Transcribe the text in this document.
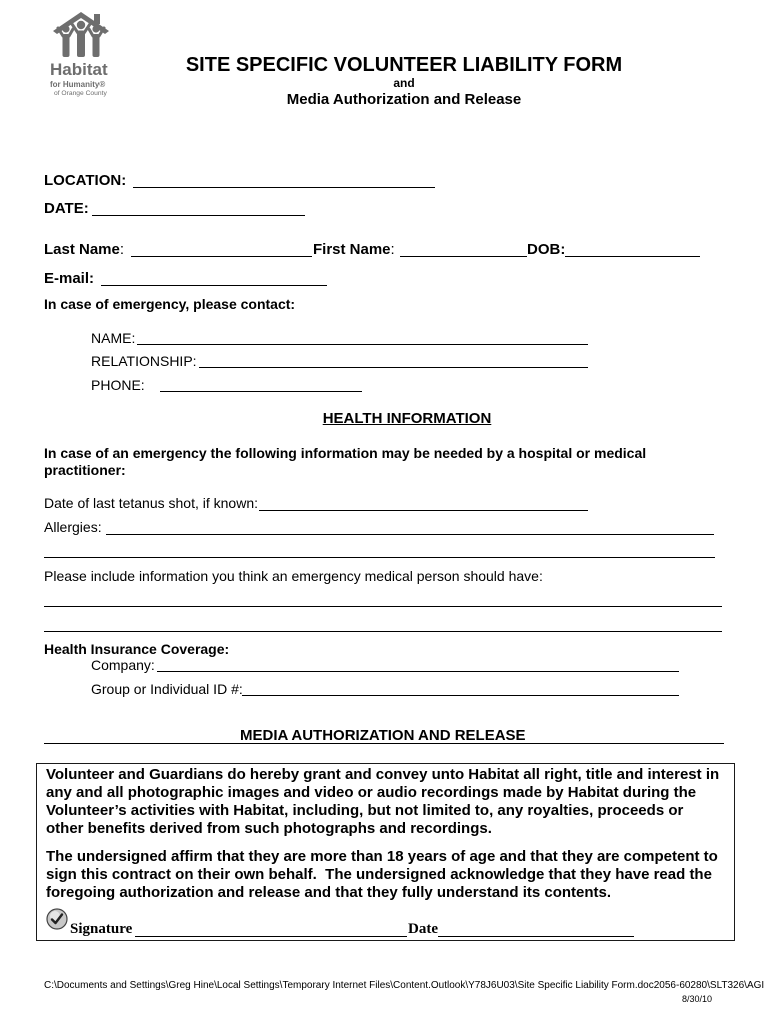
Habitat
for Humanity®
of Orange County
SITE SPECIFIC VOLUNTEER LIABILITY FORM
and
Media Authorization and Release
LOCATION:
DATE:
Last Name:	First Name:	DOB:
E-mail:
In case of emergency, please contact:
NAME:
RELATIONSHIP:
PHONE:
HEALTH INFORMATION
In case of an emergency the following information may be needed by a hospital or medical
practitioner:
Date of last tetanus shot, if known:
Allergies:
Please include information you think an emergency medical person should have:
Health Insurance Coverage:
Company:
Group or Individual ID #:
MEDIA AUTHORIZATION AND RELEASE
Volunteer and Guardians do hereby grant and convey unto Habitat all right, title and interest in
any and all photographic images and video or audio recordings made by Habitat during the
Volunteer’s activities with Habitat, including, but not limited to, any royalties, proceeds or
other benefits derived from such photographs and recordings.
The undersigned affirm that they are more than 18 years of age and that they are competent to
sign this contract on their own behalf.  The undersigned acknowledge that they have read the
foregoing authorization and release and that they fully understand its contents.
Signature	Date
C:\Documents and Settings\Greg Hine\Local Settings\Temporary Internet Files\Content.Outlook\Y78J6U03\Site Specific Liability Form.doc2056-60280\SLT326\AGI
8/30/10
